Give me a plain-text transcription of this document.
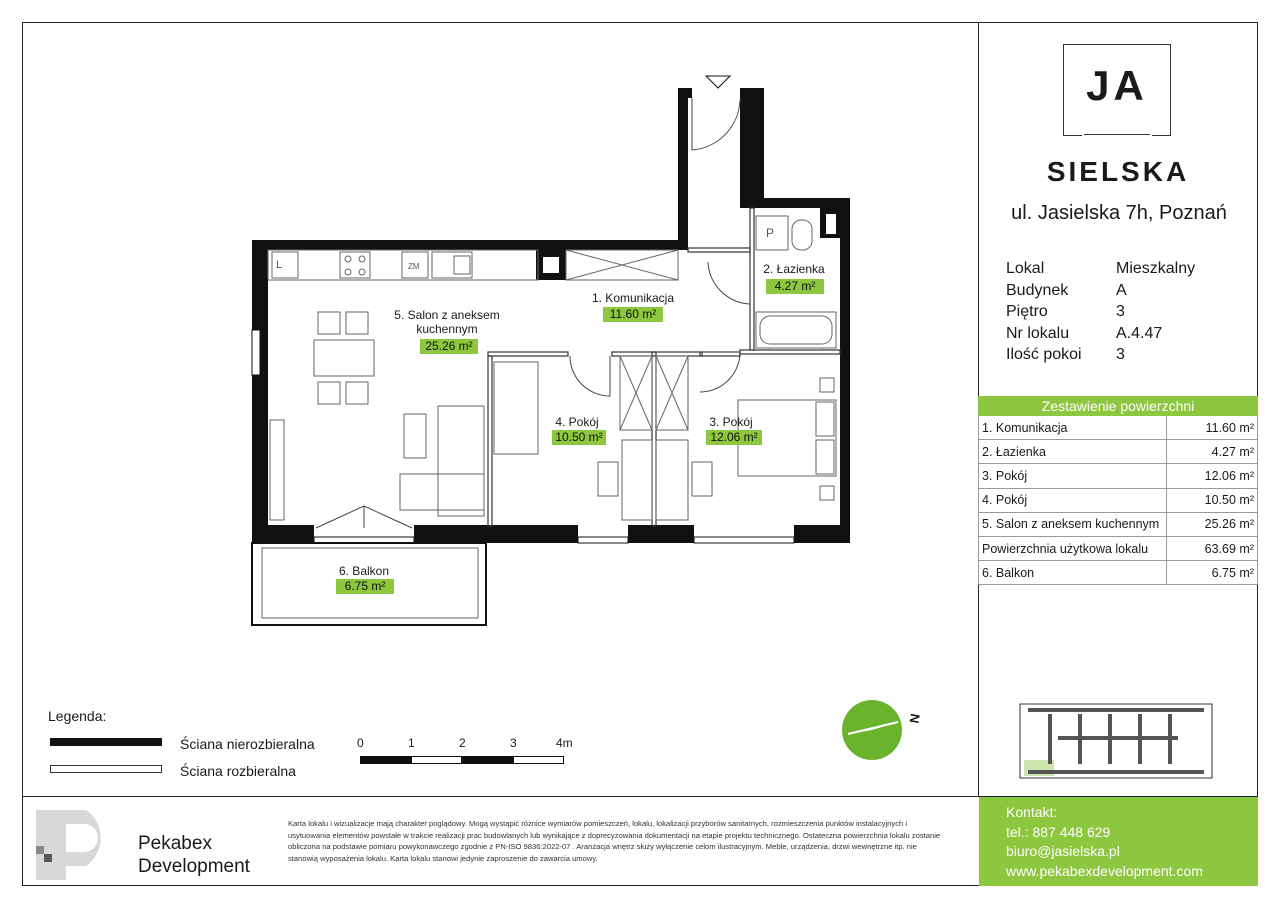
L	ZM
P
1. Komunikacja
11.60 m²
2. Łazienka
4.27 m²
5. Salon z aneksem
kuchennym
25.26 m²
4. Pokój
10.50 m²
3. Pokój
12.06 m²
6. Balkon
6.75 m²
JA
SIELSKA
ul. Jasielska 7h, Poznań
Lokal	Mieszkalny
Budynek	A
Piętro	3
Nr lokalu	A.4.47
Ilość pokoi	3
Zestawienie powierzchni	
1. Komunikacja	11.60 m²
2. Łazienka	4.27 m²
3. Pokój	12.06 m²
4. Pokój	10.50 m²
5. Salon z aneksem kuchennym	25.26 m²
Powierzchnia użytkowa lokalu	63.69 m²
6. Balkon	6.75 m²
Legenda:
Ściana nierozbieralna
Ściana rozbieralna
0	1	2	3	4m
N
Pekabex
Development
Karta lokalu i wizualizacje mają charakter poglądowy. Mogą wystąpić różnice wymiarów pomieszczeń, lokalu, lokalizacji przyborów sanitarnych, rozmieszczenia punktów instalacyjnych i usytuowania elementów powstałe w trakcie realizacji prac budowlanych lub wynikające z doprecyzowania dokumentacji na etapie projektu technicznego. Ostateczna powierzchnia lokalu zostanie obliczona na podstawie pomiaru powykonawczego zgodnie z PN-ISO 9836:2022-07 . Aranżacja wnętrz służy wyłączenie celom ilustracyjnym. Meble, urządzenia, drzwi wewnętrzne itp. nie stanowią wyposażenia lokalu. Karta lokalu stanowi jedynie zaproszenie do zawarcia umowy.
Kontakt:
tel.: 887 448 629
biuro@jasielska.pl
www.pekabexdevelopment.com
